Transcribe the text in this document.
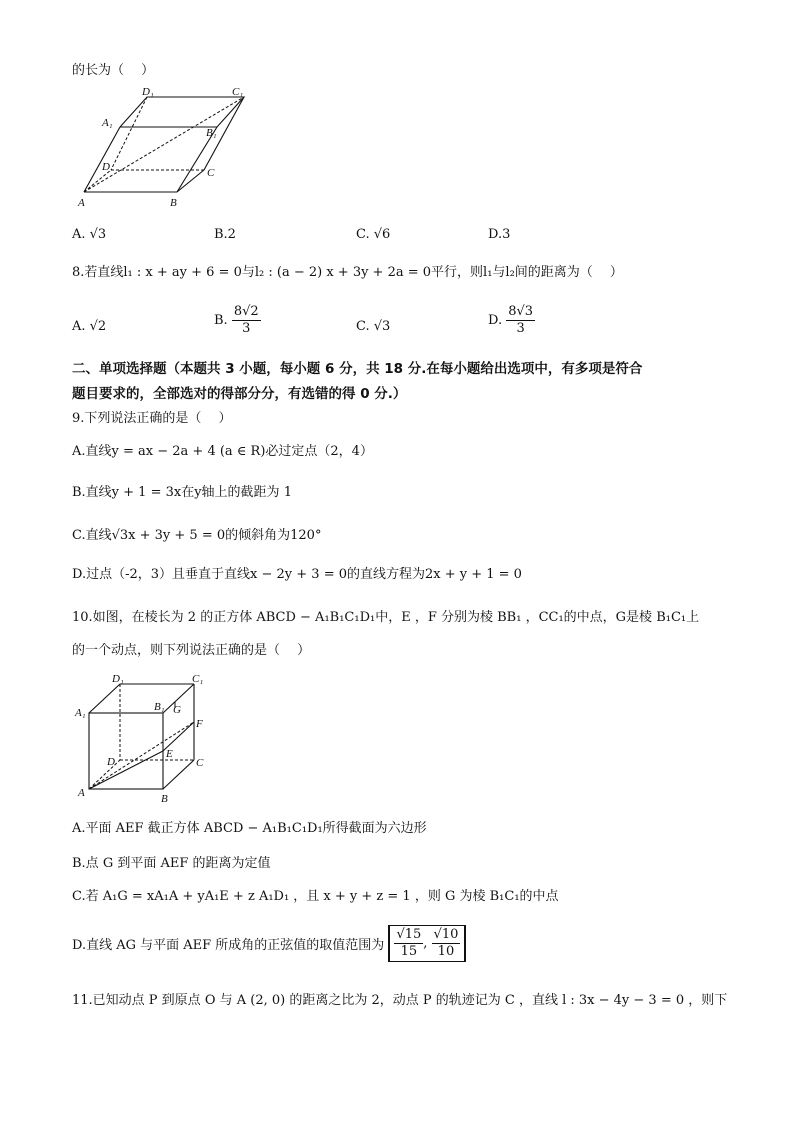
的长为（　 ）
D₁	C₁
A₁
B₁
D	C
A	B
A. √3	B.2	C. √6	D.3
8.若直线l₁ : x + ay + 6 = 0与l₂ : (a − 2) x + 3y + 2a = 0平行，则l₁与l₂间的距离为（　 ）
A. √2	B. $\frac{8√2}{3}$	C. √3	D. $\frac{8√3}{3}$
二、单项选择题（本题共 3 小题，每小题 6 分，共 18 分.在每小题给出选项中，有多项是符合
题目要求的，全部选对的得部分分，有选错的得 0 分.）
9.下列说法正确的是（　 ）
A.直线y = ax − 2a + 4 (a ∈ R)必过定点（2，4）
B.直线y + 1 = 3x在y轴上的截距为 1
C.直线√3x + 3y + 5 = 0的倾斜角为120°
D.过点（-2，3）且垂直于直线x − 2y + 3 = 0的直线方程为2x + y + 1 = 0
10.如图，在棱长为 2 的正方体 ABCD − A₁B₁C₁D₁中，E ，F 分别为棱 BB₁ ，CC₁的中点，G是棱 B₁C₁上
的一个动点，则下列说法正确的是（　 ）
D₁	C₁
A₁	B₁ G
F
E
D	C
A	B
A.平面 AEF 截正方体 ABCD − A₁B₁C₁D₁所得截面为六边形
B.点 G 到平面 AEF 的距离为定值
C.若 A₁G = xA₁A + yA₁E + z A₁D₁ ，且 x + y + z = 1 ，则 G 为棱 B₁C₁的中点
D.直线 AG 与平面 AEF 所成角的正弦值的取值范围为 $\frac{√15}{15}$ , $\frac{√10}{10}$
11.已知动点 P 到原点 O 与 A (2, 0) 的距离之比为 2，动点 P 的轨迹记为 C ，直线 l : 3x − 4y − 3 = 0 ，则下
